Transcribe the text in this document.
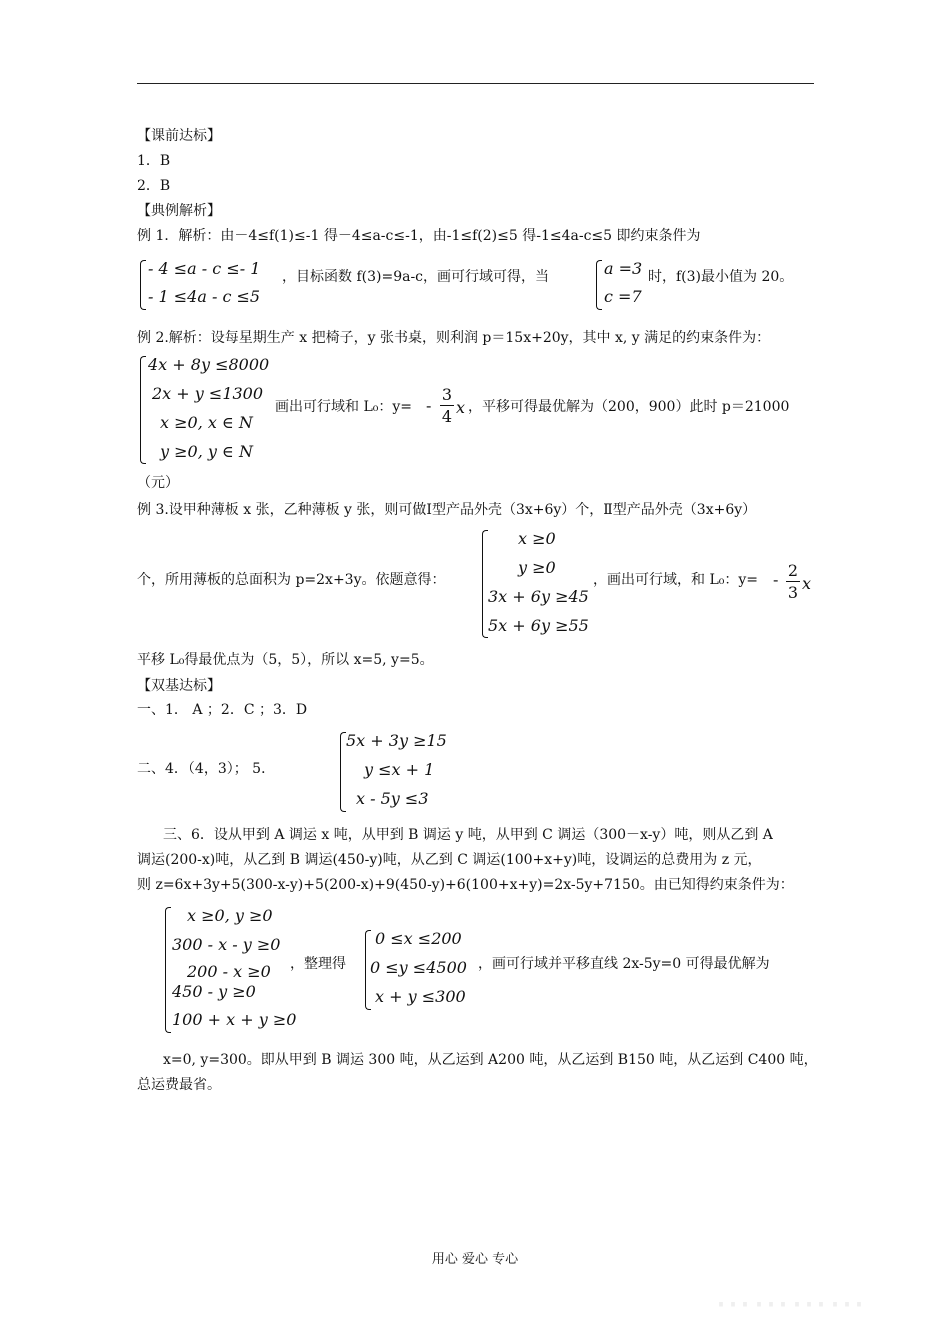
【课前达标】
1．B
2．B
【典例解析】
例 1．解析：由－4≤f(1)≤-1 得－4≤a-c≤-1，由-1≤f(2)≤5 得-1≤4a-c≤5 即约束条件为
- 4 ≤a - c ≤- 1
- 1 ≤4a - c ≤5
，目标函数 f(3)=9a-c，画可行域可得，当	a =3
c =7
时，f(3)最小值为 20。
例 2.解析：设每星期生产 x 把椅子，y 张书桌，则利润 p＝15x+20y，其中 x, y 满足的约束条件为：
4x + 8y ≤8000
2x + y ≤1300
x ≥0, x ∈ N
y ≥0, y ∈ N
画出可行域和 L₀：y= -
3
4 x ，平移可得最优解为（200，900）此时 p＝21000
（元）
例 3.设甲种薄板 x 张，乙种薄板 y 张，则可做Ⅰ型产品外壳（3x+6y）个，Ⅱ型产品外壳（3x+6y）
个，所用薄板的总面积为 p=2x+3y。依题意得：
x ≥0
y ≥0
3x + 6y ≥45
5x + 6y ≥55
，画出可行域，和 L₀：y= - 2
3 x
平移 L₀得最优点为（5，5），所以 x=5, y=5。
【双基达标】
一、1． A ；2．C ；3．D
二、4．（4，3）； 5．
5x + 3y ≥15
y ≤x + 1
x - 5y ≤3
三、6．设从甲到 A 调运 x 吨，从甲到 B 调运 y 吨，从甲到 C 调运（300－x-y）吨，则从乙到 A
调运(200-x)吨，从乙到 B 调运(450-y)吨，从乙到 C 调运(100+x+y)吨，设调运的总费用为 z 元，
则 z=6x+3y+5(300-x-y)+5(200-x)+9(450-y)+6(100+x+y)=2x-5y+7150。由已知得约束条件为：
x ≥0, y ≥0
300 - x - y ≥0
200 - x ≥0
450 - y ≥0
100 + x + y ≥0
，整理得
0 ≤x ≤200
0 ≤y ≤4500
x + y ≤300
，画可行域并平移直线 2x-5y=0 可得最优解为
x=0, y=300。即从甲到 B 调运 300 吨，从乙运到 A200 吨，从乙运到 B150 吨，从乙运到 C400 吨，
总运费最省。
用心 爱心 专心
⋯⋯⋯⋯
